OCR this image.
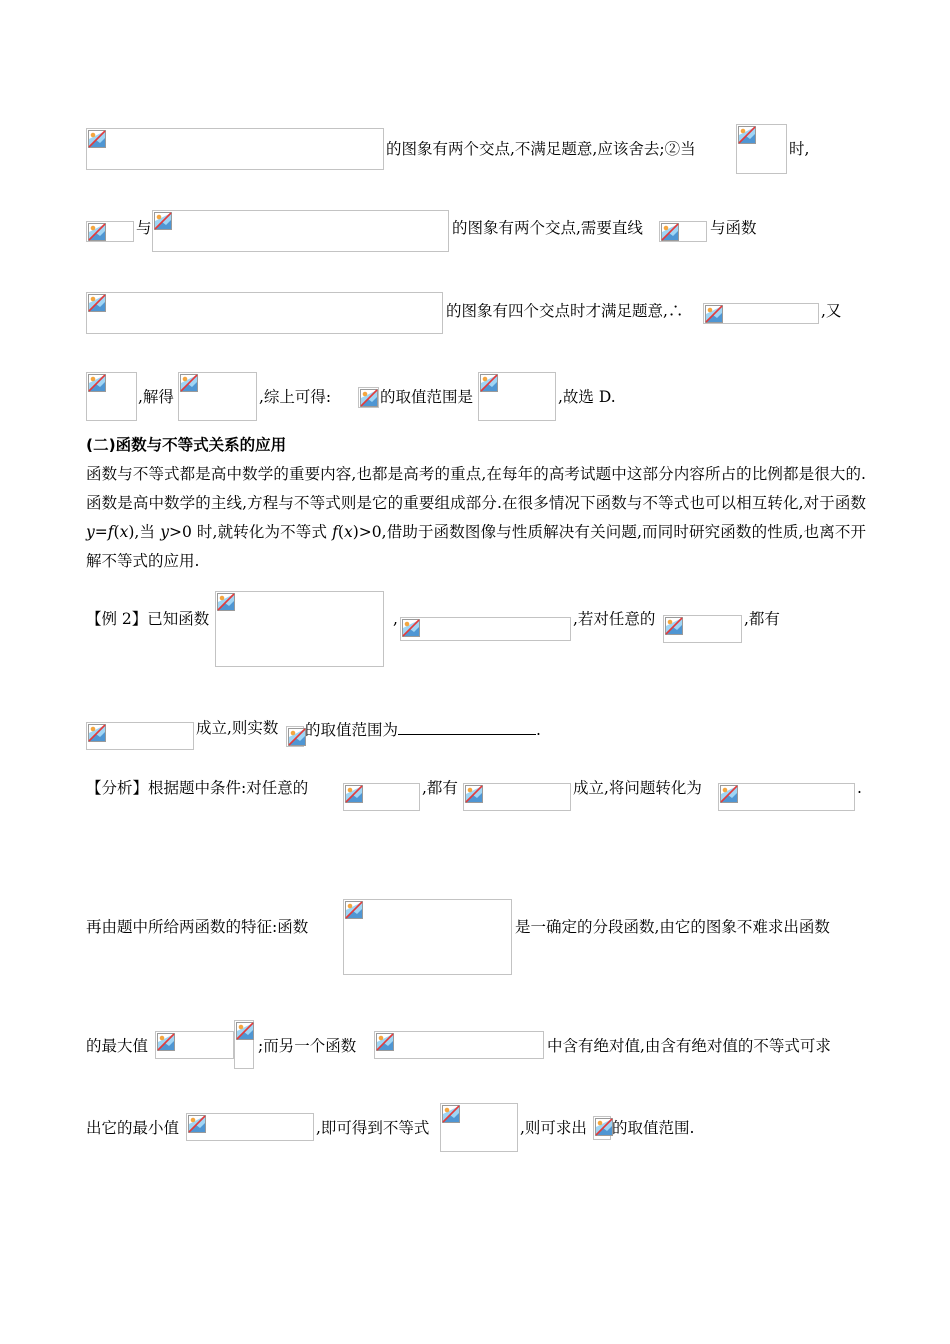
的图象有两个交点,不满足题意,应该舍去;②当	时,
与	的图象有两个交点,需要直线	与函数
的图象有四个交点时才满足题意,∴	,又
,解得	,综上可得:	的取值范围是	,故选 D.
(二)函数与不等式关系的应用
函数与不等式都是高中数学的重要内容,也都是高考的重点,在每年的高考试题中这部分内容所占的比例都是很大的.函数是高中数学的主线,方程与不等式则是它的重要组成部分.在很多情况下函数与不等式也可以相互转化,对于函数 y=f(x),当 y>0 时,就转化为不等式 f(x)>0,借助于函数图像与性质解决有关问题,而同时研究函数的性质,也离不开解不等式的应用.
【例 2】已知函数	,	,若对任意的	,都有
成立,则实数 的取值范围为	.
【分析】根据题中条件:对任意的	,都有	成立,将问题转化为	.
再由题中所给两函数的特征:函数	是一确定的分段函数,由它的图象不难求出函数
的最大值	;而另一个函数	中含有绝对值,由含有绝对值的不等式可求
出它的最小值	,即可得到不等式	,则可求出 的取值范围.
